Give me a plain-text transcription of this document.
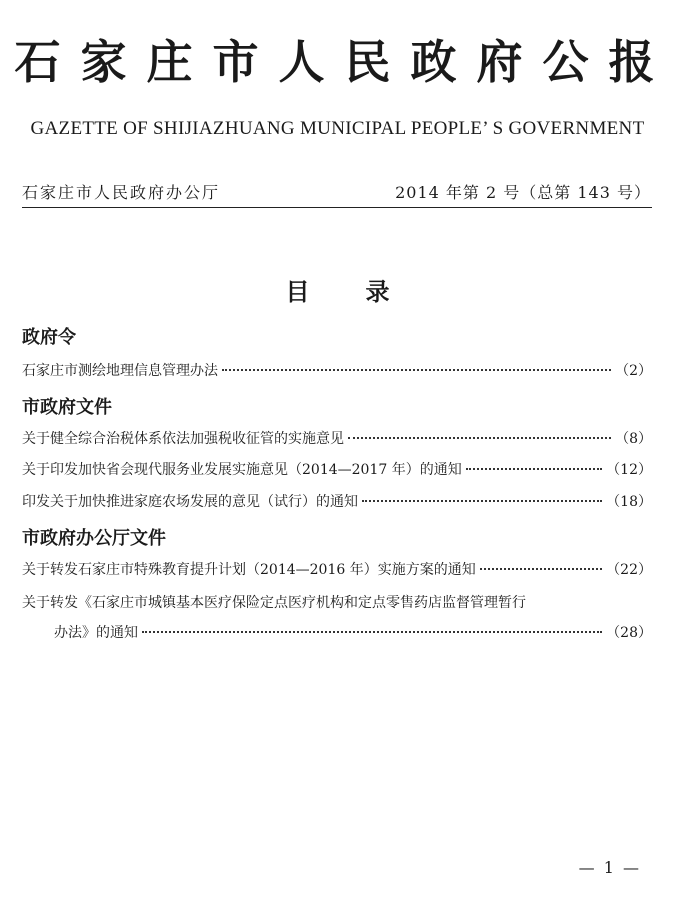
石家庄市人民政府公报
GAZETTE OF SHIJIAZHUANG MUNICIPAL PEOPLE’ S GOVERNMENT
石家庄市人民政府办公厅	2014 年第 2 号（总第 143 号）
目 录
政府令
石家庄市测绘地理信息管理办法	（2）
市政府文件
关于健全综合治税体系依法加强税收征管的实施意见	（8）
关于印发加快省会现代服务业发展实施意见（2014—2017 年）的通知	（12）
印发关于加快推进家庭农场发展的意见（试行）的通知	（18）
市政府办公厅文件
关于转发石家庄市特殊教育提升计划（2014—2016 年）实施方案的通知	（22）
关于转发《石家庄市城镇基本医疗保险定点医疗机构和定点零售药店监督管理暂行
办法》的通知	（28）
— 1 —
